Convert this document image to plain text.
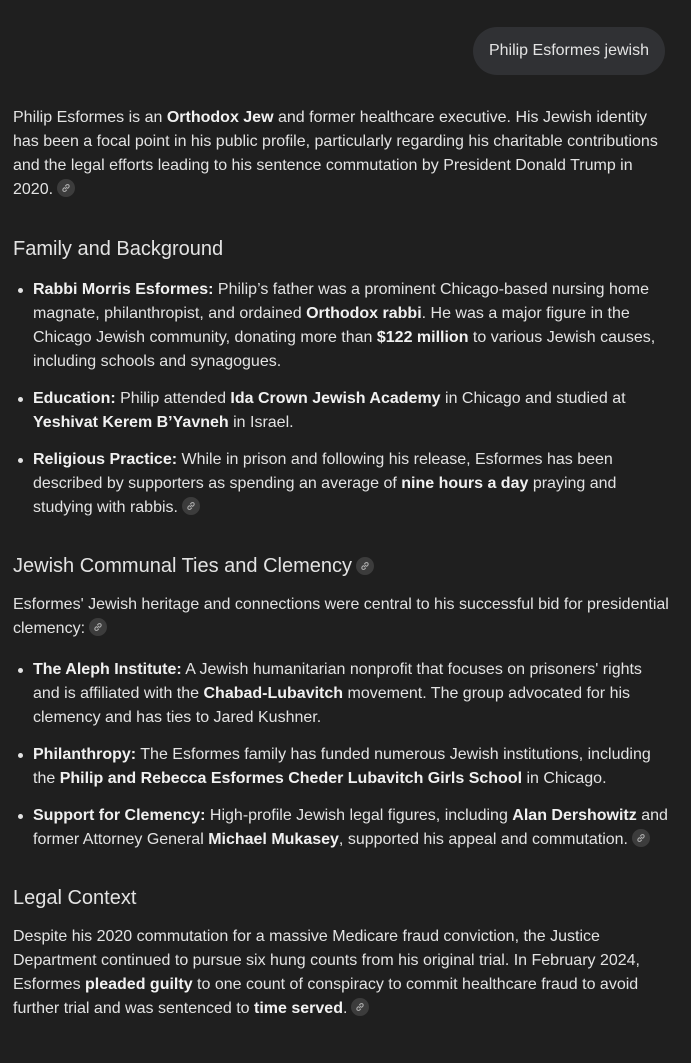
Philip Esformes jewish

Philip Esformes is an Orthodox Jew and former healthcare executive. His Jewish identity has been a focal point in his public profile, particularly regarding his charitable contributions and the legal efforts leading to his sentence commutation by President Donald Trump in 2020.

Family and Background
Rabbi Morris Esformes: Philip’s father was a prominent Chicago-based nursing home magnate, philanthropist, and ordained Orthodox rabbi. He was a major figure in the Chicago Jewish community, donating more than $122 million to various Jewish causes, including schools and synagogues.
Education: Philip attended Ida Crown Jewish Academy in Chicago and studied at Yeshivat Kerem B’Yavneh in Israel.
Religious Practice: While in prison and following his release, Esformes has been described by supporters as spending an average of nine hours a day praying and studying with rabbis.
Jewish Communal Ties and Clemency

Esformes' Jewish heritage and connections were central to his successful bid for presidential clemency:

The Aleph Institute: A Jewish humanitarian nonprofit that focuses on prisoners' rights and is affiliated with the Chabad-Lubavitch movement. The group advocated for his clemency and has ties to Jared Kushner.
Philanthropy: The Esformes family has funded numerous Jewish institutions, including the Philip and Rebecca Esformes Cheder Lubavitch Girls School in Chicago.
Support for Clemency: High-profile Jewish legal figures, including Alan Dershowitz and former Attorney General Michael Mukasey, supported his appeal and commutation.
Legal Context

Despite his 2020 commutation for a massive Medicare fraud conviction, the Justice Department continued to pursue six hung counts from his original trial. In February 2024, Esformes pleaded guilty to one count of conspiracy to commit healthcare fraud to avoid further trial and was sentenced to time served.
